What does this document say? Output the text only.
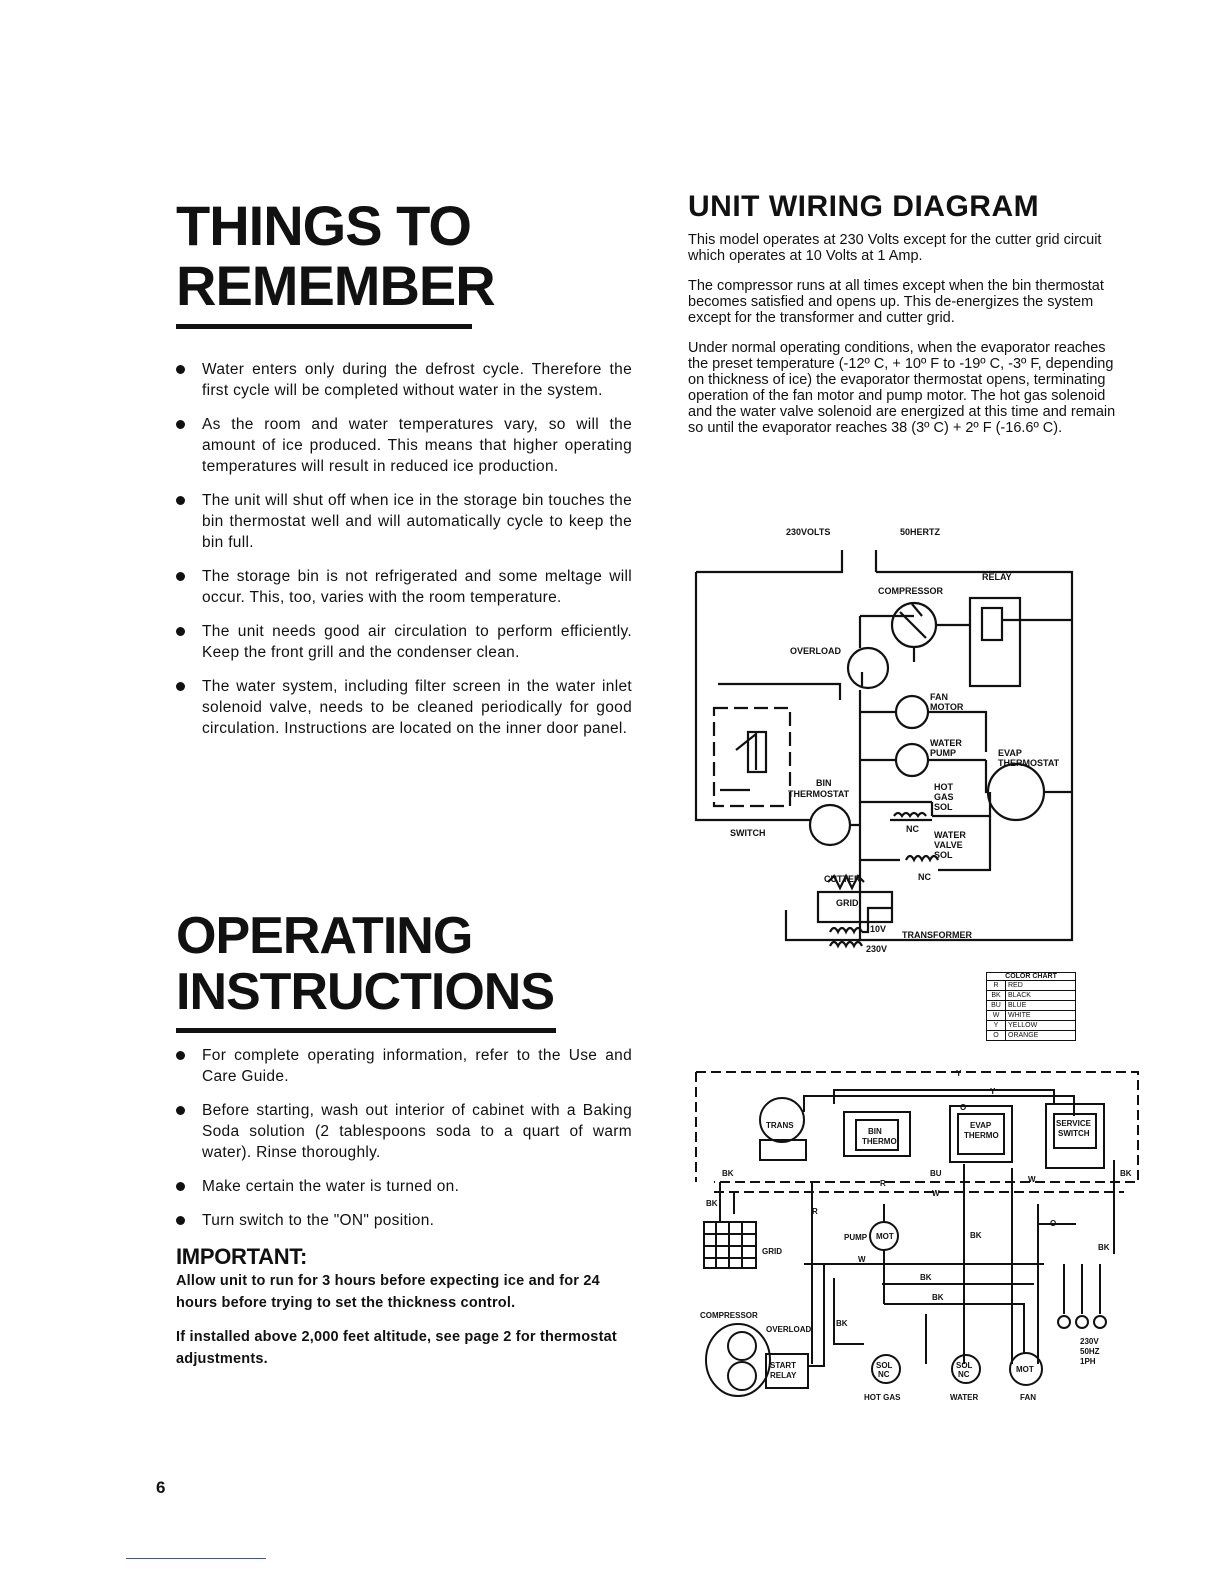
THINGS TO
REMEMBER
Water enters only during the defrost cycle. Therefore the first cycle will be completed without water in the system.
As the room and water temperatures vary, so will the amount of ice produced. This means that higher operating temperatures will result in reduced ice production.
The unit will shut off when ice in the storage bin touches the bin thermostat well and will automatically cycle to keep the bin full.
The storage bin is not refrigerated and some meltage will occur. This, too, varies with the room temperature.
The unit needs good air circulation to perform efficiently. Keep the front grill and the condenser clean.
The water system, including filter screen in the water inlet solenoid valve, needs to be cleaned periodically for good circulation. Instructions are located on the inner door panel.
OPERATING
INSTRUCTIONS
For complete operating information, refer to the Use and Care Guide.
Before starting, wash out interior of cabinet with a Baking Soda solution (2 tablespoons soda to a quart of warm water). Rinse thoroughly.
Make certain the water is turned on.
Turn switch to the "ON" position.

IMPORTANT:

Allow unit to run for 3 hours before expecting ice and for 24 hours before trying to set the thickness control.

If installed above 2,000 feet altitude, see page 2 for thermostat adjustments.

6
UNIT WIRING DIAGRAM

This model operates at 230 Volts except for the cutter grid circuit which operates at 10 Volts at 1 Amp.

The compressor runs at all times except when the bin thermostat becomes satisfied and opens up. This de-energizes the system except for the transformer and cutter grid.

Under normal operating conditions, when the evaporator reaches the preset temperature (-12º C, + 10º F to -19º C, -3º F, depending on thickness of ice) the evaporator thermostat opens, terminating operation of the fan motor and pump motor. The hot gas solenoid and the water valve solenoid are energized at this time and remain so until the evaporator reaches 38 (3º C) + 2º F (-16.6º C).

230VOLTS	50HERTZ
RELAY
COMPRESSOR
OVERLOAD
FAN
MOTOR
WATER
PUMP	EVAP
THERMOSTAT
BIN
THERMOSTAT
HOT
GAS
SOL
NC
WATER
VALVE
SOL
NC
SWITCH
CUTTER
GRID
10V
TRANSFORMER
230V
COLOR CHART	
R	RED
BK	BLACK
BU	BLUE
W	WHITE
Y	YELLOW
O	ORANGE
TRANS
BIN
THERMO
EVAP
THERMO
SERVICE
SWITCH
GRID
PUMP MOT
COMPRESSOR
OVERLOAD
START
RELAY
SOL
NC
SOL
NC
MOT
HOT GAS	WATER	FAN
230V
50HZ
1PH
Y
Y
O
R
W
W
BK
BK
BK
O
BK
W
BK
BK
BK
R
BK
BU
